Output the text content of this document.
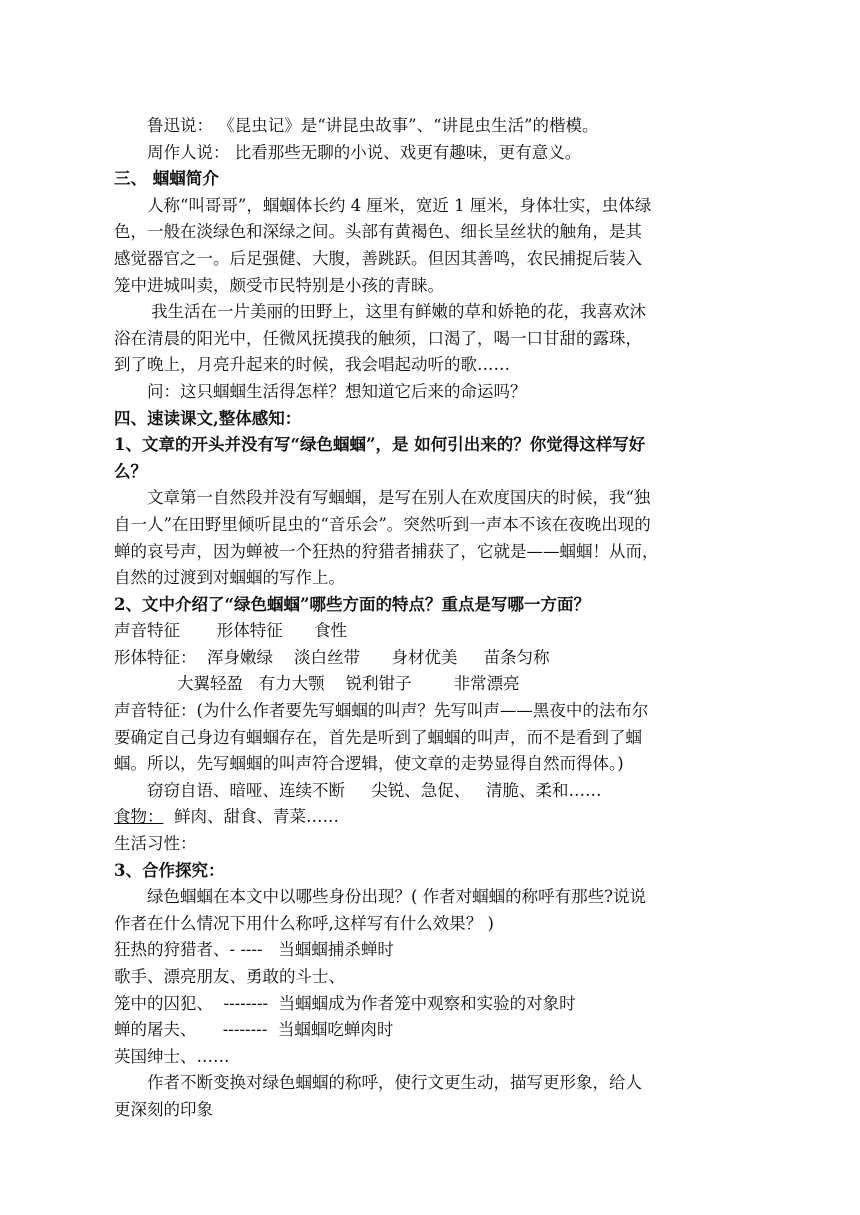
鲁迅说： 《昆虫记》是“讲昆虫故事”、“讲昆虫生活”的楷模。
周作人说： 比看那些无聊的小说、戏更有趣味，更有意义。
三、 蝈蝈简介
人称“叫哥哥”，蝈蝈体长约 4 厘米，宽近 1 厘米，身体壮实，虫体绿
色，一般在淡绿色和深绿之间。头部有黄褐色、细长呈丝状的触角，是其
感觉器官之一。后足强健、大腹，善跳跃。但因其善鸣，农民捕捉后装入
笼中进城叫卖，颇受市民特别是小孩的青睐。
我生活在一片美丽的田野上，这里有鲜嫩的草和娇艳的花，我喜欢沐
浴在清晨的阳光中，任微风抚摸我的触须，口渴了，喝一口甘甜的露珠，
到了晚上，月亮升起来的时候，我会唱起动听的歌……
问：这只蝈蝈生活得怎样？想知道它后来的命运吗？
四、速读课文,整体感知：
1、文章的开头并没有写“绿色蝈蝈”，是 如何引出来的？你觉得这样写好
么？
文章第一自然段并没有写蝈蝈，是写在别人在欢度国庆的时候，我“独
自一人”在田野里倾听昆虫的“音乐会”。突然听到一声本不该在夜晚出现的
蝉的哀号声，因为蝉被一个狂热的狩猎者捕获了，它就是——蝈蝈！从而，
自然的过渡到对蝈蝈的写作上。
2、文中介绍了“绿色蝈蝈”哪些方面的特点？重点是写哪一方面？
声音特征       形体特征      食性
形体特征：  浑身嫩绿    淡白丝带      身材优美     苗条匀称
大翼轻盈   有力大颚    锐利钳子        非常漂亮
声音特征：(为什么作者要先写蝈蝈的叫声？先写叫声——黑夜中的法布尔
要确定自己身边有蝈蝈存在，首先是听到了蝈蝈的叫声，而不是看到了蝈
蝈。所以，先写蝈蝈的叫声符合逻辑，使文章的走势显得自然而得体。)
窃窃自语、暗哑、连续不断     尖锐、急促、   清脆、柔和……
食物：  鲜肉、甜食、青菜……
生活习性：
3、合作探究：
绿色蝈蝈在本文中以哪些身份出现？( 作者对蝈蝈的称呼有那些?说说
作者在什么情况下用什么称呼,这样写有什么效果？ )
狂热的狩猎者、- ----   当蝈蝈捕杀蝉时
歌手、漂亮朋友、勇敢的斗士、
笼中的囚犯、  --------  当蝈蝈成为作者笼中观察和实验的对象时
蝉的屠夫、     --------  当蝈蝈吃蝉肉时
英国绅士、……
作者不断变换对绿色蝈蝈的称呼，使行文更生动，描写更形象，给人
更深刻的印象
